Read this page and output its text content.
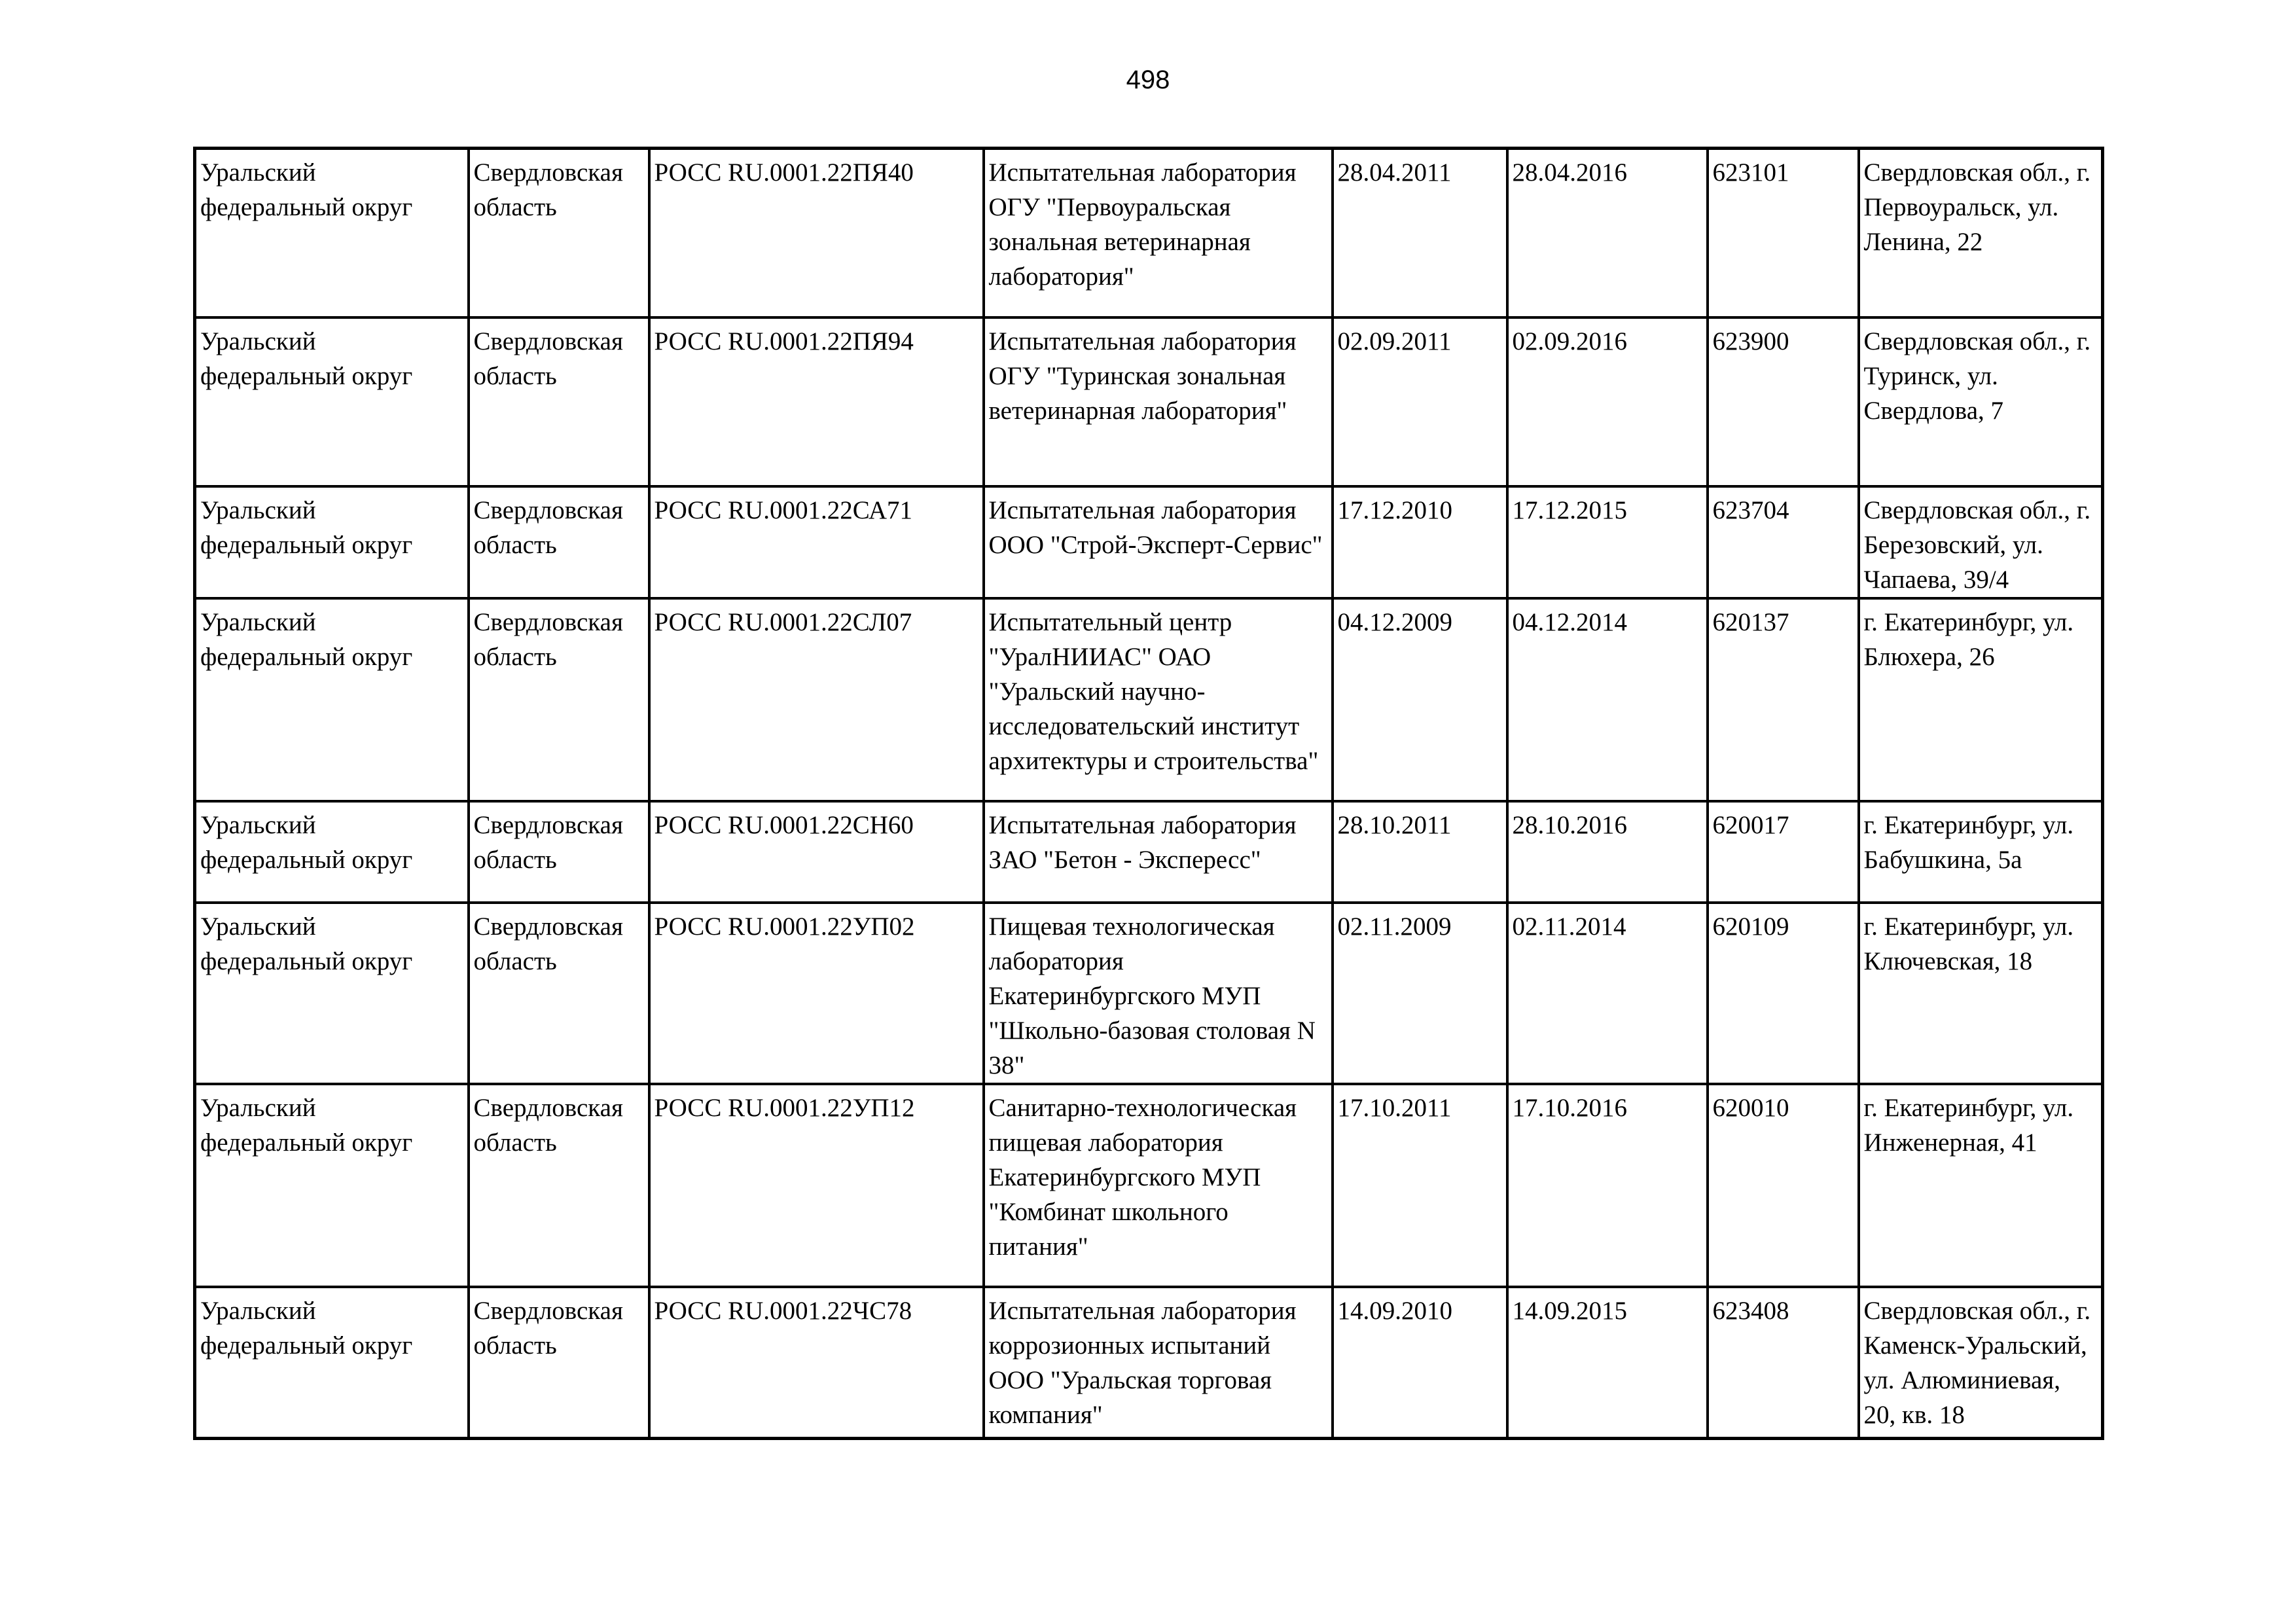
498
Уральский федеральный округ	Свердловская область	РОСС RU.0001.22ПЯ40	Испытательная лаборатория ОГУ "Первоуральская зональная ветеринарная лаборатория"	28.04.2011	28.04.2016	623101	Свердловская обл., г. Первоуральск, ул. Ленина, 22
Уральский федеральный округ	Свердловская область	РОСС RU.0001.22ПЯ94	Испытательная лаборатория ОГУ "Туринская зональная ветеринарная лаборатория"	02.09.2011	02.09.2016	623900	Свердловская обл., г. Туринск, ул. Свердлова, 7
Уральский федеральный округ	Свердловская область	РОСС RU.0001.22СА71	Испытательная лаборатория ООО "Строй-Эксперт-Сервис"	17.12.2010	17.12.2015	623704	Свердловская обл., г. Березовский, ул. Чапаева, 39/4
Уральский федеральный округ	Свердловская область	РОСС RU.0001.22СЛ07	Испытательный центр "УралНИИАС" ОАО "Уральский научно-исследовательский институт архитектуры и строительства"	04.12.2009	04.12.2014	620137	г. Екатеринбург, ул. Блюхера, 26
Уральский федеральный округ	Свердловская область	РОСС RU.0001.22СН60	Испытательная лаборатория ЗАО "Бетон - Экспересс"	28.10.2011	28.10.2016	620017	г. Екатеринбург, ул. Бабушкина, 5а
Уральский федеральный округ	Свердловская область	РОСС RU.0001.22УП02	Пищевая технологическая лаборатория Екатеринбургского МУП "Школьно-базовая столовая N 38"	02.11.2009	02.11.2014	620109	г. Екатеринбург, ул. Ключевская, 18
Уральский федеральный округ	Свердловская область	РОСС RU.0001.22УП12	Санитарно-технологическая пищевая лаборатория Екатеринбургского МУП "Комбинат школьного питания"	17.10.2011	17.10.2016	620010	г. Екатеринбург, ул. Инженерная, 41
Уральский федеральный округ	Свердловская область	РОСС RU.0001.22ЧС78	Испытательная лаборатория коррозионных испытаний ООО "Уральская торговая компания"	14.09.2010	14.09.2015	623408	Свердловская обл., г. Каменск-Уральский, ул. Алюминиевая, 20, кв. 18
